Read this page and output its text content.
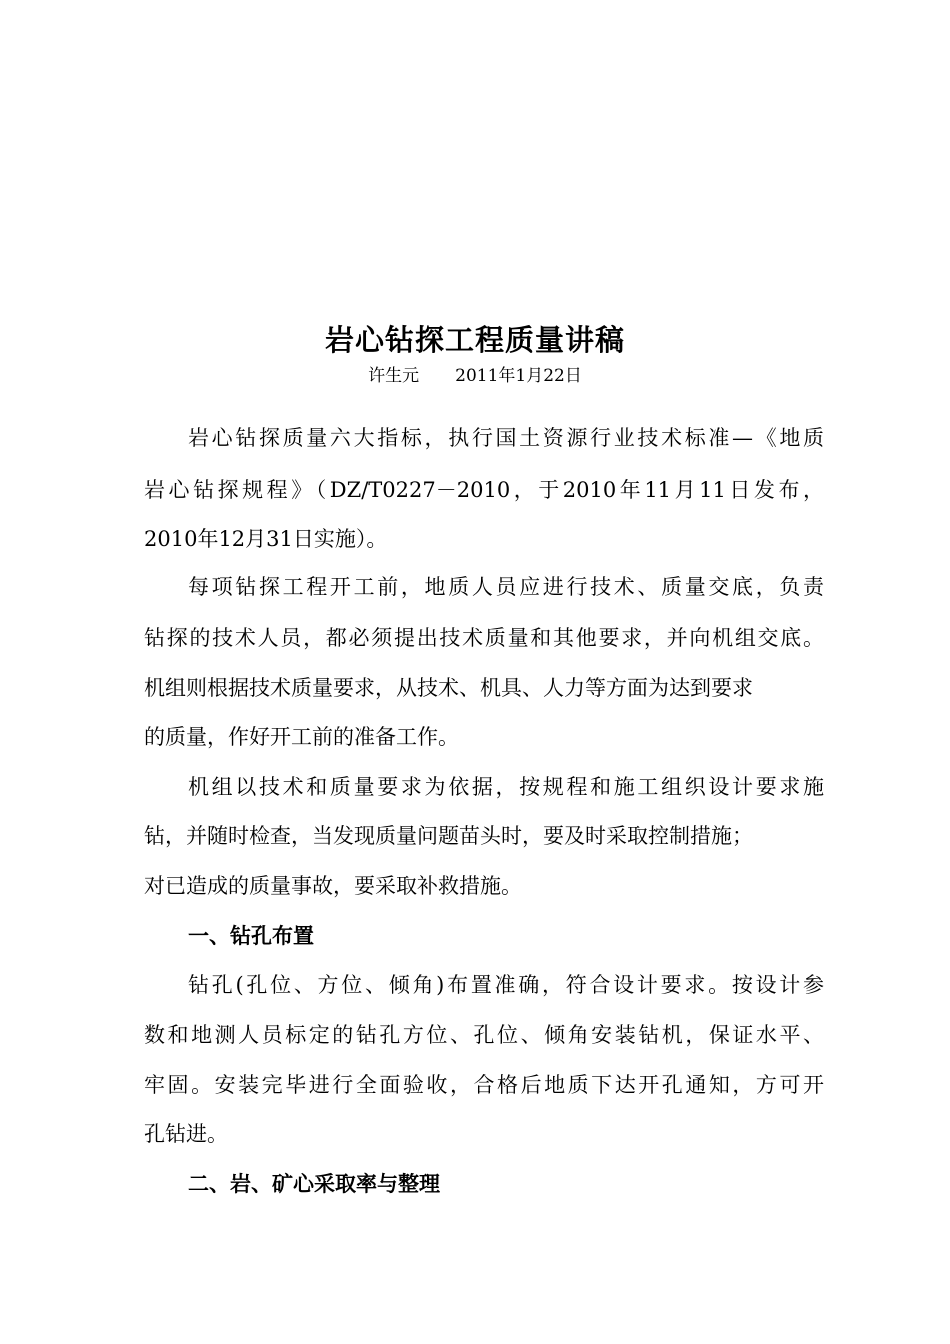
岩心钻探工程质量讲稿
许生元 2011年1月22日
岩心钻探质量六大指标，执行国土资源行业技术标准—《地质
岩心钻探规程》（DZ/T0227－2010，于2010年11月11日发布，
2010年12月31日实施）。
每项钻探工程开工前，地质人员应进行技术、质量交底，负责
钻探的技术人员，都必须提出技术质量和其他要求，并向机组交底。
机组则根据技术质量要求，从技术、机具、人力等方面为达到要求
的质量，作好开工前的准备工作。
机组以技术和质量要求为依据，按规程和施工组织设计要求施
钻，并随时检查，当发现质量问题苗头时，要及时采取控制措施；
对已造成的质量事故，要采取补救措施。
一、钻孔布置
钻孔(孔位、方位、倾角)布置准确，符合设计要求。按设计参
数和地测人员标定的钻孔方位、孔位、倾角安装钻机，保证水平、
牢固。安装完毕进行全面验收，合格后地质下达开孔通知，方可开
孔钻进。
二、岩、矿心采取率与整理
